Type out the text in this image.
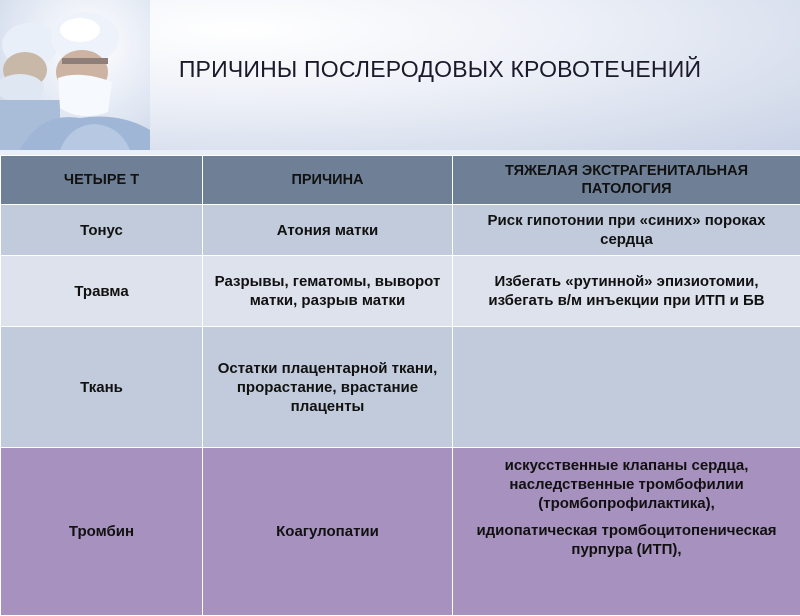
ПРИЧИНЫ ПОСЛЕРОДОВЫХ КРОВОТЕЧЕНИЙ
ЧЕТЫРЕ Т	ПРИЧИНА	ТЯЖЕЛАЯ ЭКСТРАГЕНИТАЛЬНАЯ ПАТОЛОГИЯ
Тонус	Атония матки	Риск гипотонии при «синих» пороках сердца
Травма	Разрывы, гематомы, выворот матки, разрыв матки	Избегать «рутинной» эпизиотомии, избегать в/м инъекции при ИТП и БВ
Ткань	Остатки плацентарной ткани, прорастание, врастание плаценты	
Тромбин	Коагулопатии	искусственные клапаны сердца, наследственные тромбофилии (тромбопрофилактика),
идиопатическая тромбоцитопеническая пурпура (ИТП),
